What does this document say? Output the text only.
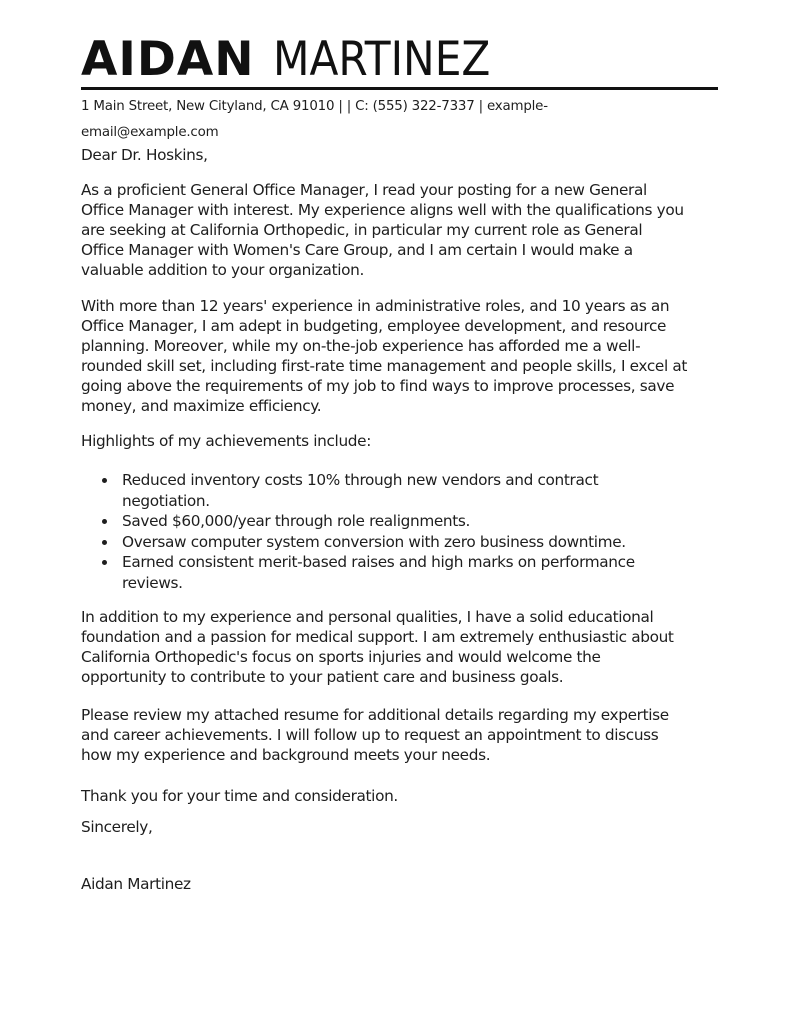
AIDAN MARTINEZ
1 Main Street, New Cityland, CA 91010 | | C: (555) 322-7337 | example-
email@example.com
Dear Dr. Hoskins,

As a proficient General Office Manager, I read your posting for a new General
Office Manager with interest. My experience aligns well with the qualifications you
are seeking at California Orthopedic, in particular my current role as General
Office Manager with Women's Care Group, and I am certain I would make a
valuable addition to your organization.

With more than 12 years' experience in administrative roles, and 10 years as an
Office Manager, I am adept in budgeting, employee development, and resource
planning. Moreover, while my on-the-job experience has afforded me a well-
rounded skill set, including first-rate time management and people skills, I excel at
going above the requirements of my job to find ways to improve processes, save
money, and maximize efficiency.

Highlights of my achievements include:

Reduced inventory costs 10% through new vendors and contract
negotiation.
Saved $60,000/year through role realignments.
Oversaw computer system conversion with zero business downtime.
Earned consistent merit-based raises and high marks on performance
reviews.

In addition to my experience and personal qualities, I have a solid educational
foundation and a passion for medical support. I am extremely enthusiastic about
California Orthopedic's focus on sports injuries and would welcome the
opportunity to contribute to your patient care and business goals.

Please review my attached resume for additional details regarding my expertise
and career achievements. I will follow up to request an appointment to discuss
how my experience and background meets your needs.

Thank you for your time and consideration.
Sincerely,
Aidan Martinez
